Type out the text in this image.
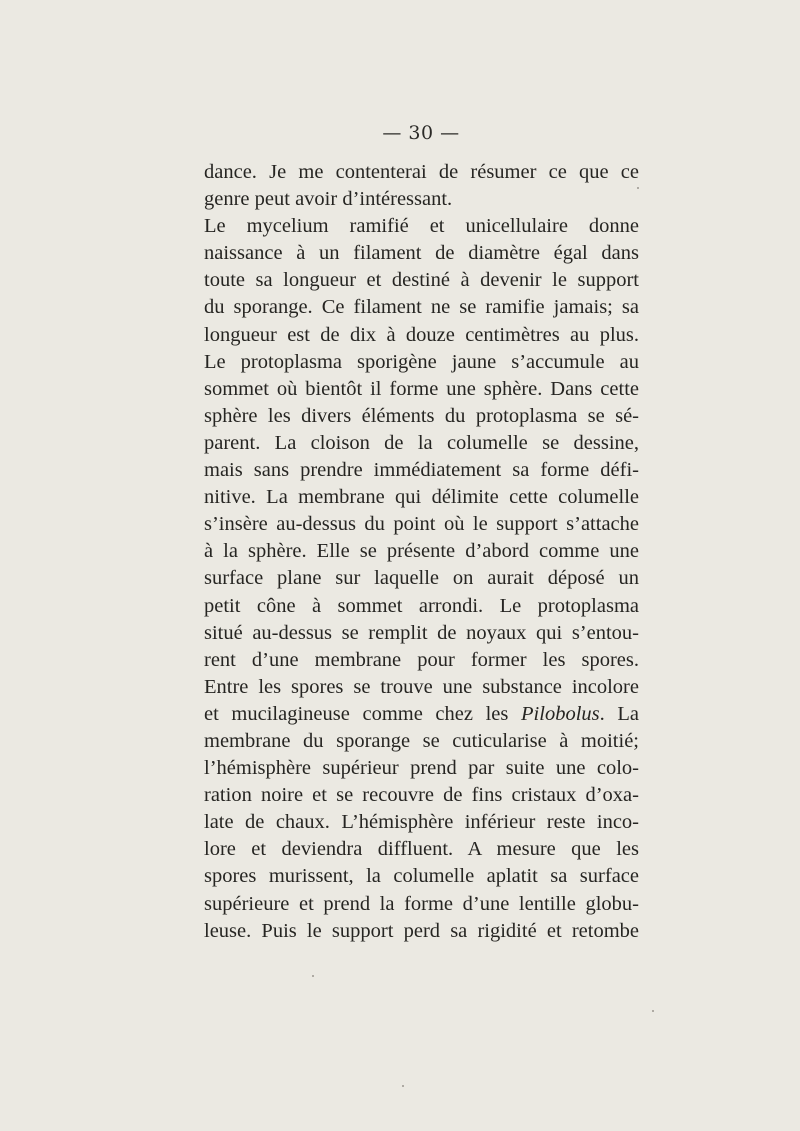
— 30 —
dance. Je me contenterai de résumer ce que ce
genre peut avoir d’intéressant.
Le mycelium ramifié et unicellulaire donne
naissance à un filament de diamètre égal dans
toute sa longueur et destiné à devenir le support
du sporange. Ce filament ne se ramifie jamais; sa
longueur est de dix à douze centimètres au plus.
Le protoplasma sporigène jaune s’accumule au
sommet où bientôt il forme une sphère. Dans cette
sphère les divers éléments du protoplasma se sé-
parent. La cloison de la columelle se dessine,
mais sans prendre immédiatement sa forme défi-
nitive. La membrane qui délimite cette columelle
s’insère au-dessus du point où le support s’attache
à la sphère. Elle se présente d’abord comme une
surface plane sur laquelle on aurait déposé un
petit cône à sommet arrondi. Le protoplasma
situé au-dessus se remplit de noyaux qui s’entou-
rent d’une membrane pour former les spores.
Entre les spores se trouve une substance incolore
et mucilagineuse comme chez les Pilobolus. La
membrane du sporange se cuticularise à moitié;
l’hémisphère supérieur prend par suite une colo-
ration noire et se recouvre de fins cristaux d’oxa-
late de chaux. L’hémisphère inférieur reste inco-
lore et deviendra diffluent. A mesure que les
spores murissent, la columelle aplatit sa surface
supérieure et prend la forme d’une lentille globu-
leuse. Puis le support perd sa rigidité et retombe
